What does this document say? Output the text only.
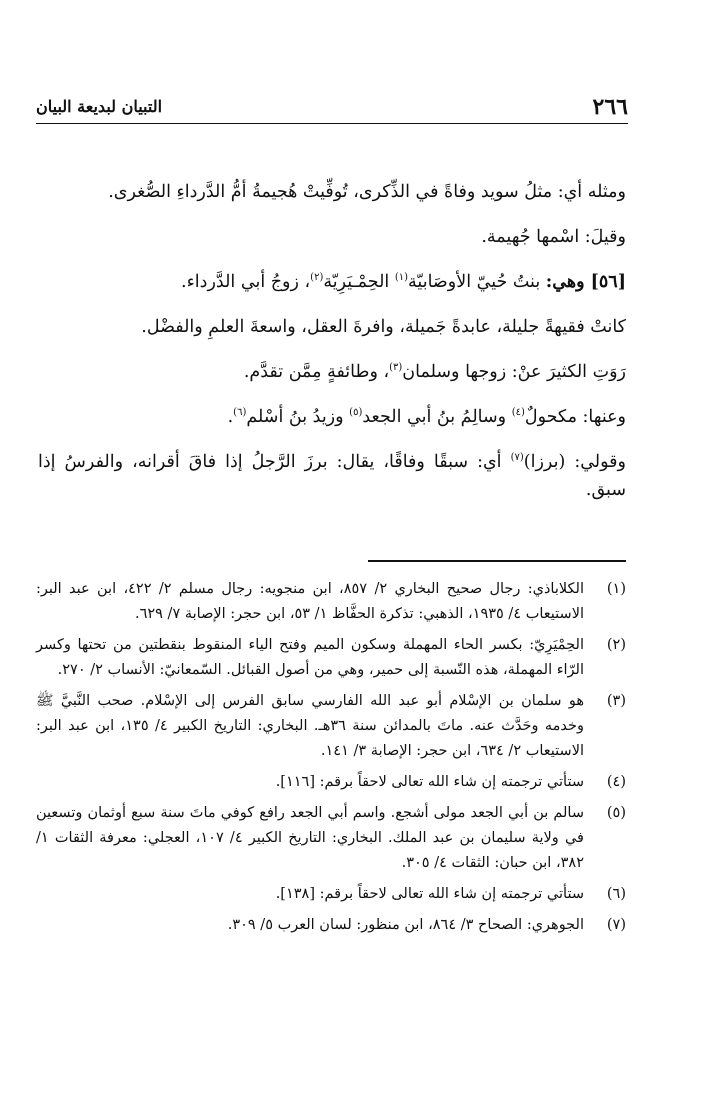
٢٦٦
التبيان لبديعة البيان

ومثله أي: مثلُ سويد وفاةً في الذِّكرى، تُوفِّيتْ هُجيمةُ أمُّ الدَّرداءِ الصُّغرى.

وقيلَ: اسْمها جُهيمة.

[٥٦] وهي: بنتُ حُييّ الأوصَابيّة$^{(١)}$ الحِمْـيَرِيّة$^{(٢)}$، زوجُ أبي الدَّرداء.

كانتْ فقيهةً جليلة، عابدةً جَميلة، وافرةَ العقل، واسعةَ العلمِ والفضْل.

رَوَتِ الكثيرَ عنْ: زوجها وسلمان$^{(٣)}$، وطائفةٍ مِمَّن تقدَّم.

وعنها: مكحولٌ$^{(٤)}$ وسالِمُ بنُ أبي الجعد$^{(٥)}$ وزيدُ بنُ أسْلم$^{(٦)}$.

وقولي: (برزا)$^{(٧)}$ أي: سبقًا وفاقًا، يقال: برزَ الرَّجلُ إذا فاقَ أقرانه، والفرسُ إذا سبق.

(١)
الكلاباذي: رجال صحيح البخاري ٢/ ٨٥٧، ابن منجويه: رجال مسلم ٢/ ٤٢٢، ابن عبد البر: الاستيعاب ٤/ ١٩٣٥، الذهبي: تذكرة الحفَّاظ ١/ ٥٣، ابن حجر: الإصابة ٧/ ٦٢٩.
(٢)
الحِمْيَرِيّ: بكسر الحاء المهملة وسكون الميم وفتح الياء المنقوط بنقطتين من تحتها وكسر الرّاء المهملة، هذه النّسبة إلى حمير، وهي من أصول القبائل. السّمعانيّ: الأنساب ٢/ ٢٧٠.
(٣)
هو سلمان بن الإسْلام أبو عبد الله الفارسي سابق الفرس إلى الإسْلام. صحب النَّبيَّ ﷺ وخدمه وحَدَّث عنه. ماتَ بالمدائن سنة ٣٦هـ. البخاري: التاريخ الكبير ٤/ ١٣٥، ابن عبد البر: الاستيعاب ٢/ ٦٣٤، ابن حجر: الإصابة ٣/ ١٤١.
(٤)
ستأتي ترجمته إن شاء الله تعالى لاحقاً برقم: [١١٦].
(٥)
سالم بن أبي الجعد مولى أشجع. واسم أبي الجعد رافع كوفي ماتَ سنة سبع أوثمان وتسعين في ولاية سليمان بن عبد الملك. البخاري: التاريخ الكبير ٤/ ١٠٧، العجلي: معرفة الثقات ١/ ٣٨٢، ابن حبان: الثقات ٤/ ٣٠٥.
(٦)
ستأتي ترجمته إن شاء الله تعالى لاحقاً برقم: [١٣٨].
(٧)
الجوهري: الصحاح ٣/ ٨٦٤، ابن منظور: لسان العرب ٥/ ٣٠٩.
